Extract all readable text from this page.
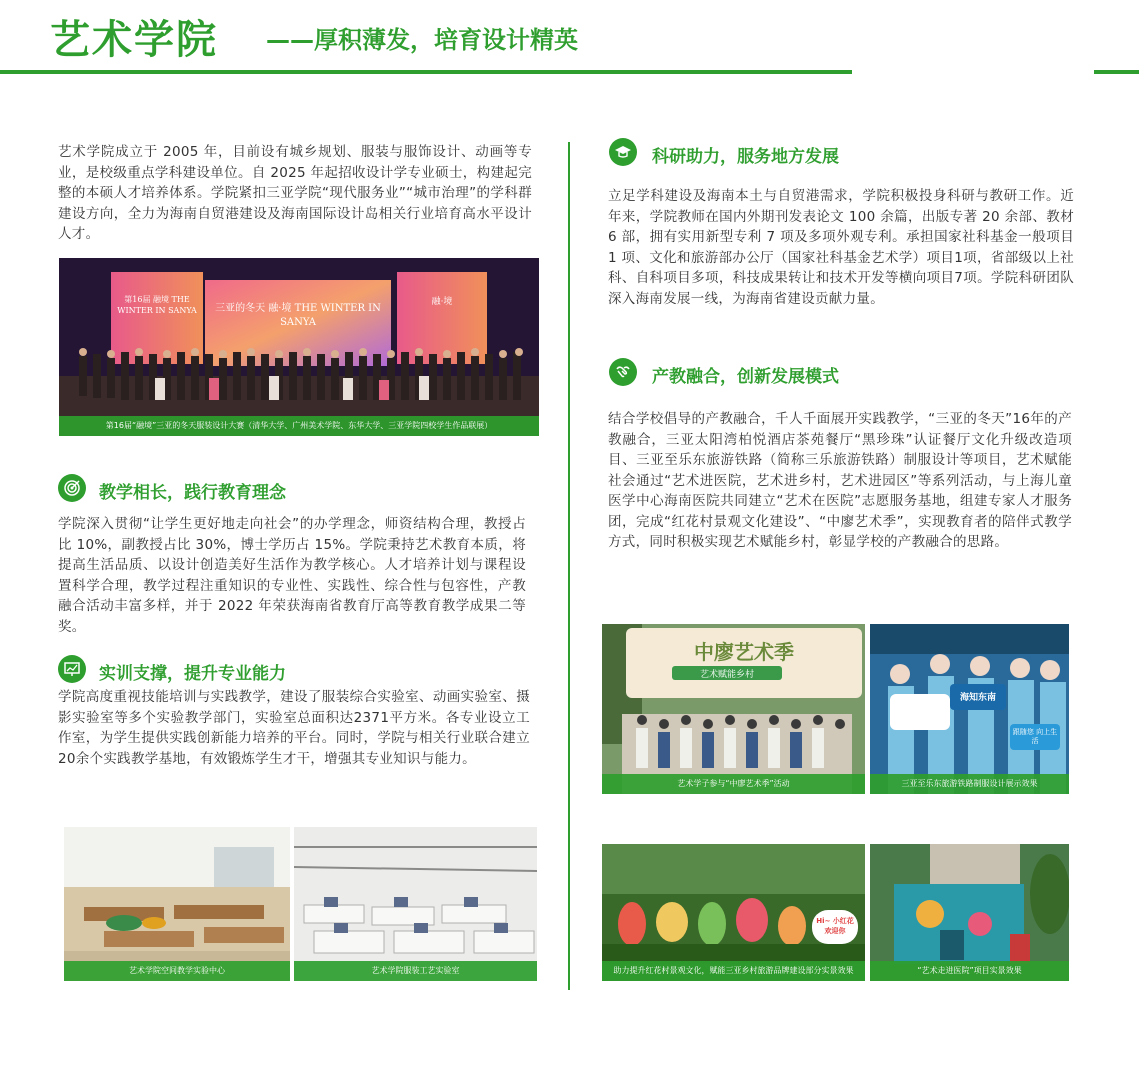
艺术学院 ——厚积薄发，培育设计精英
艺术学院成立于 2005 年，目前设有城乡规划、服装与服饰设计、动画等专业，是校级重点学科建设单位。自 2025 年起招收设计学专业硕士，构建起完整的本硕人才培养体系。学院紧扣三亚学院“现代服务业”“城市治理”的学科群建设方向，全力为海南自贸港建设及海南国际设计岛相关行业培育高水平设计人才。
第16届 融境 THE WINTER IN SANYA	三亚的冬天 融·境 THE WINTER IN SANYA
融·境
第16届“融境”三亚的冬天服装设计大赛（清华大学、广州美术学院、东华大学、三亚学院四校学生作品联展）
教学相长，践行教育理念
学院深入贯彻“让学生更好地走向社会”的办学理念，师资结构合理，教授占比 10%，副教授占比 30%，博士学历占 15%。学院秉持艺术教育本质，将提高生活品质、以设计创造美好生活作为教学核心。人才培养计划与课程设置科学合理，教学过程注重知识的专业性、实践性、综合性与包容性，产教融合活动丰富多样，并于 2022 年荣获海南省教育厅高等教育教学成果二等奖。
实训支撑，提升专业能力
学院高度重视技能培训与实践教学，建设了服装综合实验室、动画实验室、摄影实验室等多个实验教学部门，实验室总面积达2371平方米。各专业设立工作室，为学生提供实践创新能力培养的平台。同时，学院与相关行业联合建立20余个实践教学基地，有效锻炼学生才干，增强其专业知识与能力。
艺术学院空间教学实验中心	艺术学院服装工艺实验室
科研助力，服务地方发展
立足学科建设及海南本土与自贸港需求，学院积极投身科研与教研工作。近年来，学院教师在国内外期刊发表论文 100 余篇，出版专著 20 余部、教材 6 部，拥有实用新型专利 7 项及多项外观专利。承担国家社科基金一般项目 1 项、文化和旅游部办公厅（国家社科基金艺术学）项目1项，省部级以上社科、自科项目多项，科技成果转让和技术开发等横向项目7项。学院科研团队深入海南发展一线，为海南省建设贡献力量。
产教融合，创新发展模式
结合学校倡导的产教融合，千人千面展开实践教学，“三亚的冬天”16年的产教融合，三亚太阳湾柏悦酒店茶苑餐厅“黑珍珠”认证餐厅文化升级改造项目、三亚至乐东旅游铁路（简称三乐旅游铁路）制服设计等项目，艺术赋能社会通过“艺术进医院，艺术进乡村，艺术进园区”等系列活动，与上海儿童医学中心海南医院共同建立“艺术在医院”志愿服务基地，组建专家人才服务团，完成“红花村景观文化建设”、“中廖艺术季”，实现教育者的陪伴式教学方式，同时积极实现艺术赋能乡村，彰显学校的产教融合的思路。
中廖艺术季
艺术赋能乡村
艺术学子参与“中廖艺术季”活动
海知东南
跟随您 向上生活
三亚至乐东旅游铁路制服设计展示效果
Hi~ 小红花欢迎你
助力提升红花村景观文化，赋能三亚乡村旅游品牌建设部分实景效果	“艺术走进医院”项目实景效果
